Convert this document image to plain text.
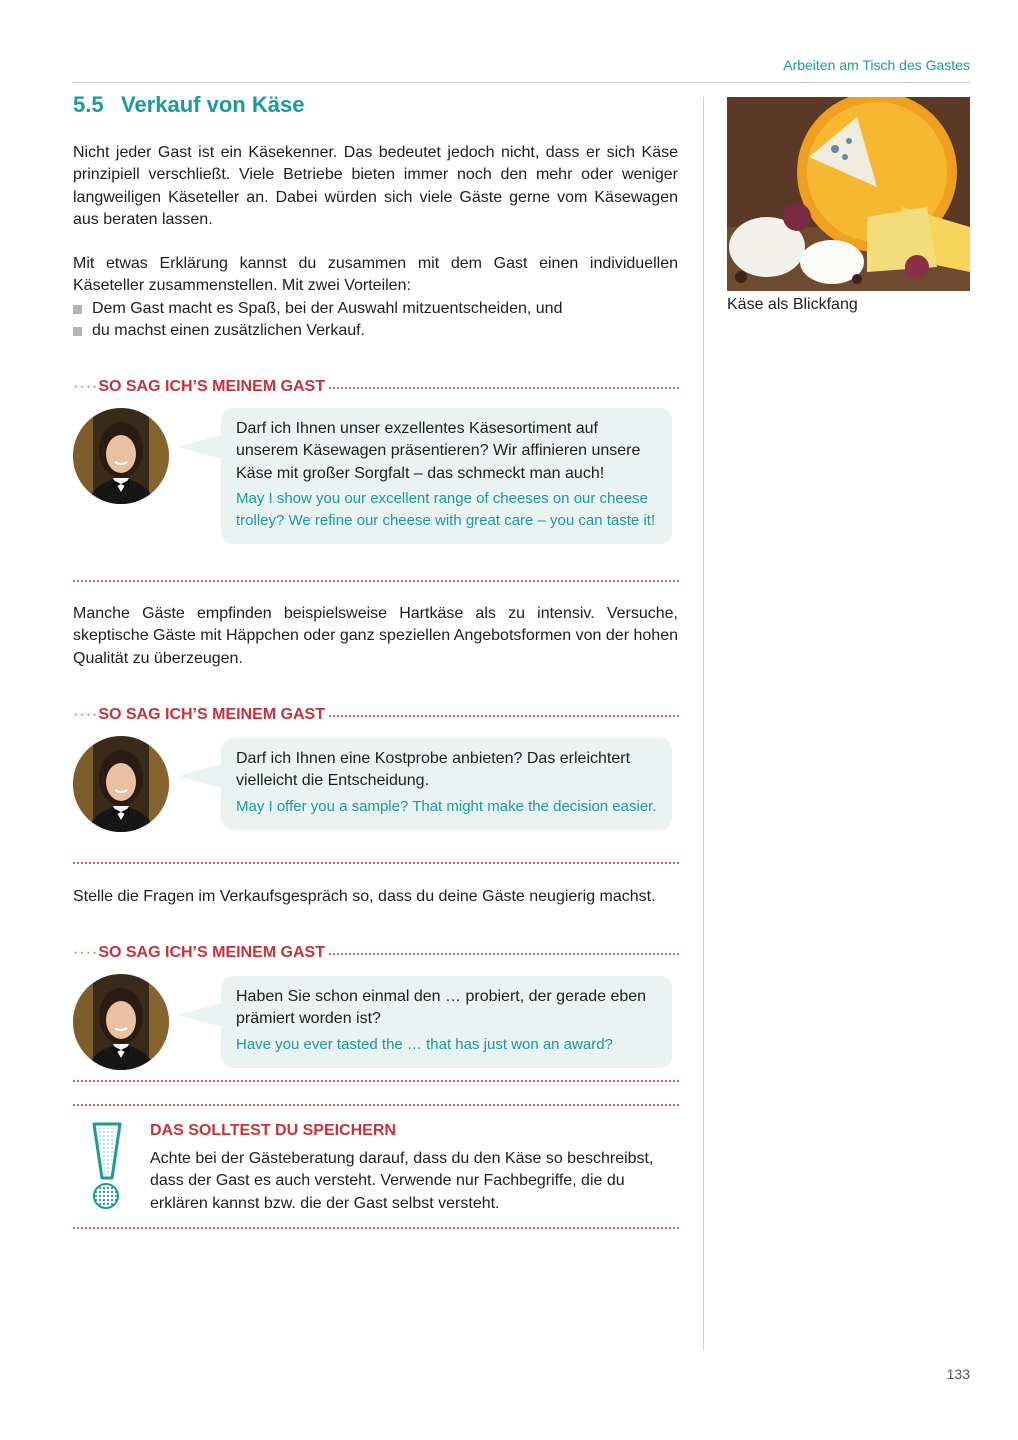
Arbeiten am Tisch des Gastes
5.5 Verkauf von Käse
Nicht jeder Gast ist ein Käsekenner. Das bedeutet jedoch nicht, dass er sich Käse prinzipiell verschließt. Viele Betriebe bieten immer noch den mehr oder weniger langweiligen Käseteller an. Dabei würden sich viele Gäste gerne vom Käsewagen aus beraten lassen.
Mit etwas Erklärung kannst du zusammen mit dem Gast einen individuellen Käseteller zusammenstellen. Mit zwei Vorteilen:
Dem Gast macht es Spaß, bei der Auswahl mitzuentscheiden, und
du machst einen zusätzlichen Verkauf.
····SO SAG ICH’S MEINEM GAST
Darf ich Ihnen unser exzellentes Käsesortiment auf unserem Käsewagen präsentieren? Wir affinieren unsere Käse mit großer Sorgfalt – das schmeckt man auch!
May I show you our excellent range of cheeses on our cheese trolley? We refine our cheese with great care – you can taste it!
Manche Gäste empfinden beispielsweise Hartkäse als zu intensiv. Versuche, skeptische Gäste mit Häppchen oder ganz speziellen Angebotsformen von der hohen Qualität zu überzeugen.
····SO SAG ICH’S MEINEM GAST
Darf ich Ihnen eine Kostprobe anbieten? Das erleichtert vielleicht die Entscheidung.
May I offer you a sample? That might make the decision easier.
Stelle die Fragen im Verkaufsgespräch so, dass du deine Gäste neugierig machst.
····SO SAG ICH’S MEINEM GAST
Haben Sie schon einmal den … probiert, der gerade eben prämiert worden ist?
Have you ever tasted the … that has just won an award?
DAS SOLLTEST DU SPEICHERN
Achte bei der Gästeberatung darauf, dass du den Käse so beschreibst, dass der Gast es auch versteht. Verwende nur Fachbegriffe, die du erklären kannst bzw. die der Gast selbst versteht.
Käse als Blickfang
133
